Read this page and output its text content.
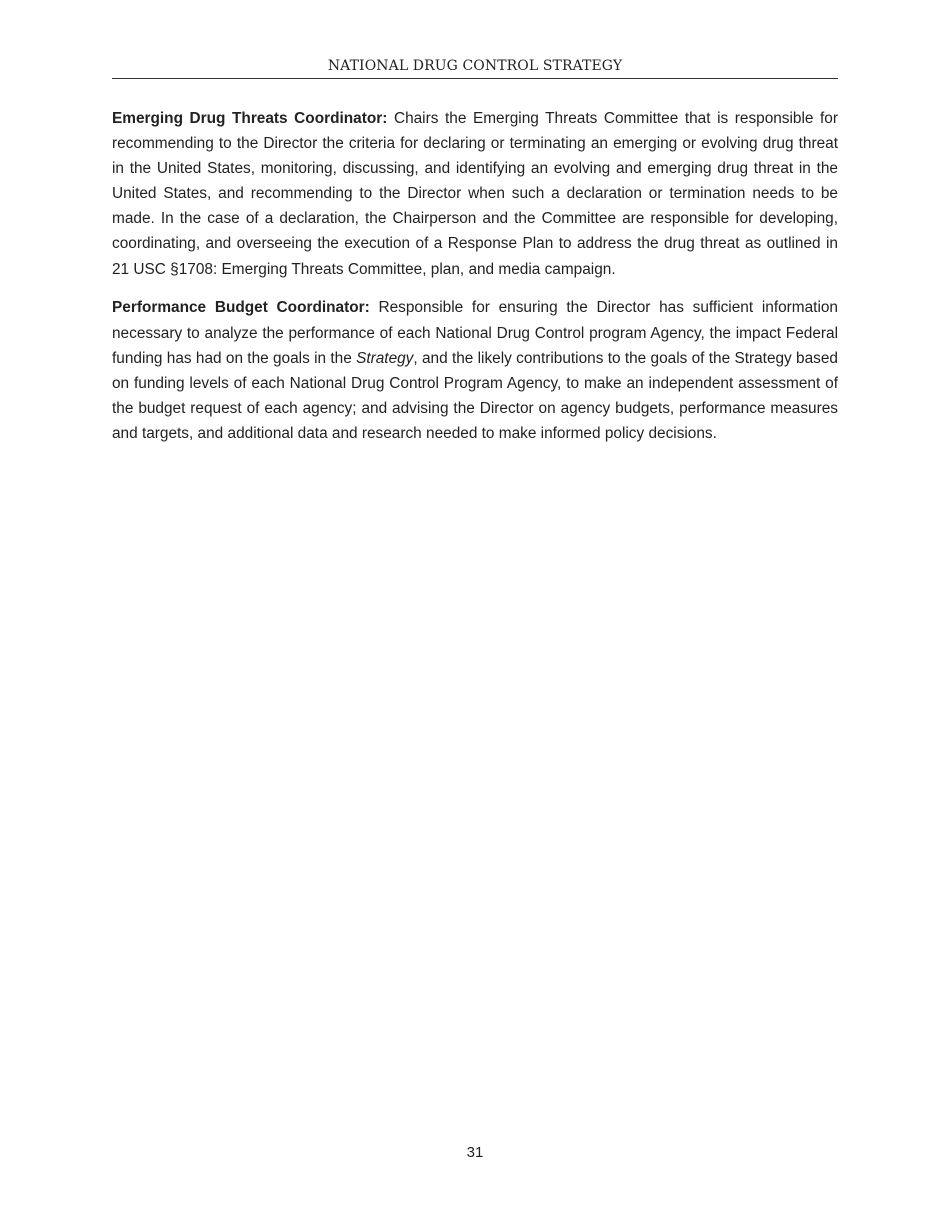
NATIONAL DRUG CONTROL STRATEGY

Emerging Drug Threats Coordinator: Chairs the Emerging Threats Committee that is responsible for recommending to the Director the criteria for declaring or terminating an emerging or evolving drug threat in the United States, monitoring, discussing, and identifying an evolving and emerging drug threat in the United States, and recommending to the Director when such a declaration or termination needs to be made. In the case of a declaration, the Chairperson and the Committee are responsible for developing, coordinating, and overseeing the execution of a Response Plan to address the drug threat as outlined in 21 USC §1708: Emerging Threats Committee, plan, and media campaign.

Performance Budget Coordinator: Responsible for ensuring the Director has sufficient information necessary to analyze the performance of each National Drug Control program Agency, the impact Federal funding has had on the goals in the Strategy, and the likely contributions to the goals of the Strategy based on funding levels of each National Drug Control Program Agency, to make an independent assessment of the budget request of each agency; and advising the Director on agency budgets, performance measures and targets, and additional data and research needed to make informed policy decisions.

31
